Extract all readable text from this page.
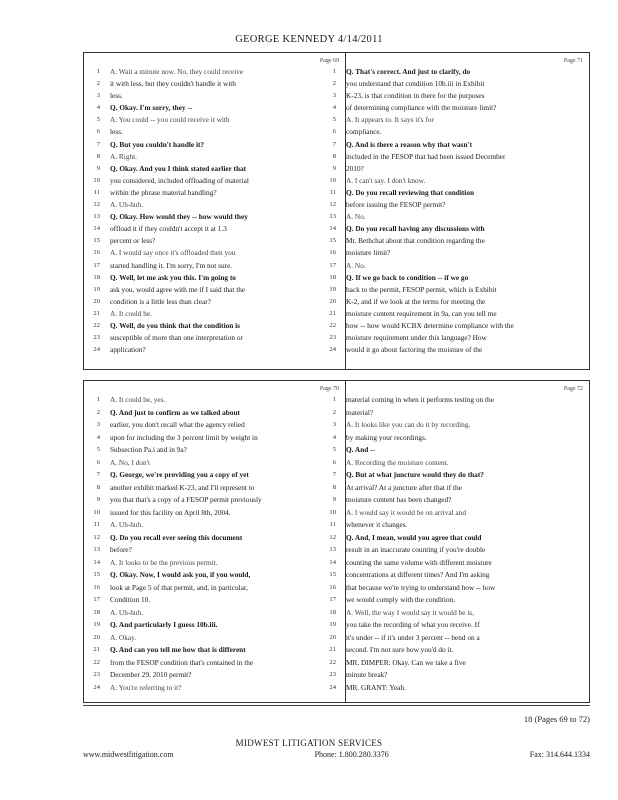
GEORGE KENNEDY 4/14/2011
Page 69
1 A. Wait a minute now. No, they could receive
2 it with less, but they couldn't handle it with
3 less.
4 Q. Okay. I'm sorry, they --
5 A. You could -- you could receive it with
6 less.
7 Q. But you couldn't handle it?
8 A. Right.
9 Q. Okay. And you I think stated earlier that
10 you considered, included offloading of material
11 within the phrase material handling?
12 A. Uh-huh.
13 Q. Okay. How would they -- how would they
14 offload it if they couldn't accept it at 1.3
15 percent or less?
16 A. I would say once it's offloaded then you
17 started handling it. I'm sorry, I'm not sure.
18 Q. Well, let me ask you this. I'm going to
19 ask you, would agree with me if I said that the
20 condition is a little less than clear?
21 A. It could be.
22 Q. Well, do you think that the condition is
23 susceptible of more than one interpretation or
24 application?
Page 71
1 Q. That's correct. And just to clarify, do
2 you understand that condition 10b.iii in Exhibit
3 K-23, is that condition in there for the purposes
4 of determining compliance with the moisture limit?
5 A. It appears to. It says it's for
6 compliance.
7 Q. And is there a reason why that wasn't
8 included in the FESOP that had been issued December
9 2010?
10 A. I can't say. I don't know.
11 Q. Do you recall reviewing that condition
12 before issuing the FESOP permit?
13 A. No.
14 Q. Do you recall having any discussions with
15 Mr. Bethchat about that condition regarding the
16 moisture limit?
17 A. No.
18 Q. If we go back to condition -- if we go
19 back to the permit, FESOP permit, which is Exhibit
20 K-2, and if we look at the terms for meeting the
21 moisture content requirement in 9a, can you tell me
22 how -- how would KCBX determine compliance with the
23 moisture requirement under this language? How
24 would it go about factoring the moisture of the
Page 70
1 A. It could be, yes.
2 Q. And just to confirm as we talked about
3 earlier, you don't recall what the agency relied
4 upon for including the 3 percent limit by weight in
5 Subsection Pa.i and in 9a?
6 A. No, I don't
7 Q. George, we're providing you a copy of yet
8 another exhibit marked K-23, and I'll represent to
9 you that that's a copy of a FESOP permit previously
10 issued for this facility on April 8th, 2004.
11 A. Uh-huh.
12 Q. Do you recall ever seeing this document
13 before?
14 A. It looks to be the previous permit.
15 Q. Okay. Now, I would ask you, if you would,
16 look at Page 5 of that permit, and, in particular,
17 Condition 10.
18 A. Uh-huh.
19 Q. And particularly I guess 10b.iii.
20 A. Okay.
21 Q. And can you tell me how that is different
22 from the FESOP condition that's contained in the
23 December 29, 2010 permit?
24 A. You're referring to it?
Page 72
1 material coming in when it performs testing on the
2 material?
3 A. It looks like you can do it by recording,
4 by making your recordings.
5 Q. And --
6 A. Recording the moisture content.
7 Q. But at what juncture would they do that?
8 At arrival? At a juncture after that if the
9 moisture content has been changed?
10 A. I would say it would be on arrival and
11 whenever it changes.
12 Q. And, I mean, would you agree that could
13 result in an inaccurate counting if you're double
14 counting the same volume with different moisture
15 concentrations at different times? And I'm asking
16 that because we're trying to understand how -- how
17 we would comply with the condition.
18 A. Well, the way I would say it would be is,
19 you take the recording of what you receive. If
20 it's under -- if it's under 3 percent -- bend on a
21 second. I'm not sure how you'd do it.
22 MR. DIMPER: Okay. Can we take a five
23 minute break?
24 MR. GRANT: Yeah.
18 (Pages 69 to 72)
MIDWEST LITIGATION SERVICES
www.midwestlitigation.com	Phone: 1.800.280.3376	Fax: 314.644.1334
